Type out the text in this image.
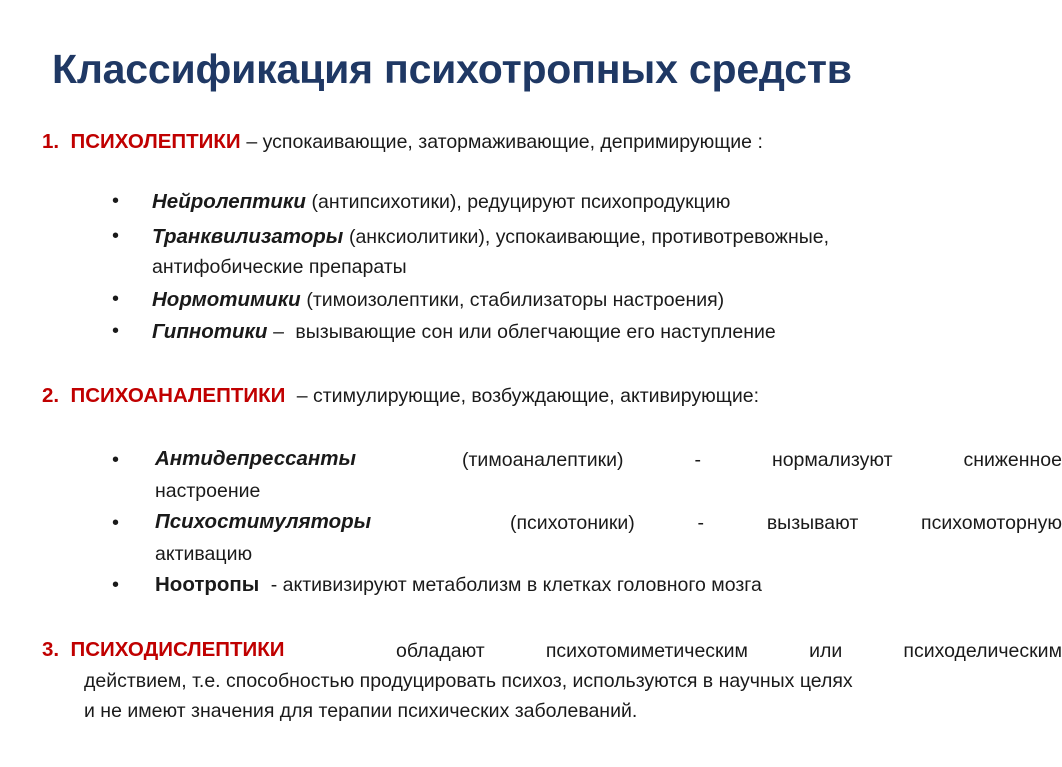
Классификация психотропных средств
1. ПСИХОЛЕПТИКИ – успокаивающие, затормаживающие, депримирующие :
• Нейролептики (антипсихотики), редуцируют психопродукцию
• Транквилизаторы (анксиолитики), успокаивающие, противотревожные,
антифобические препараты
• Нормотимики (тимоизолептики, стабилизаторы настроения)
• Гипнотики – вызывающие сон или облегчающие его наступление
2. ПСИХОАНАЛЕПТИКИ – стимулирующие, возбуждающие, активирующие:
• Антидепрессанты	(тимоаналептики)	-	нормализуют	сниженное
настроение
• Психостимуляторы	(психотоники)	-	вызывают	психомоторную
активацию
• Ноотропы - активизируют метаболизм в клетках головного мозга
3. ПСИХОДИСЛЕПТИКИ	обладают	психотомиметическим	или	психоделическим
действием, т.е. способностью продуцировать психоз, используются в научных целях
и не имеют значения для терапии психических заболеваний.
